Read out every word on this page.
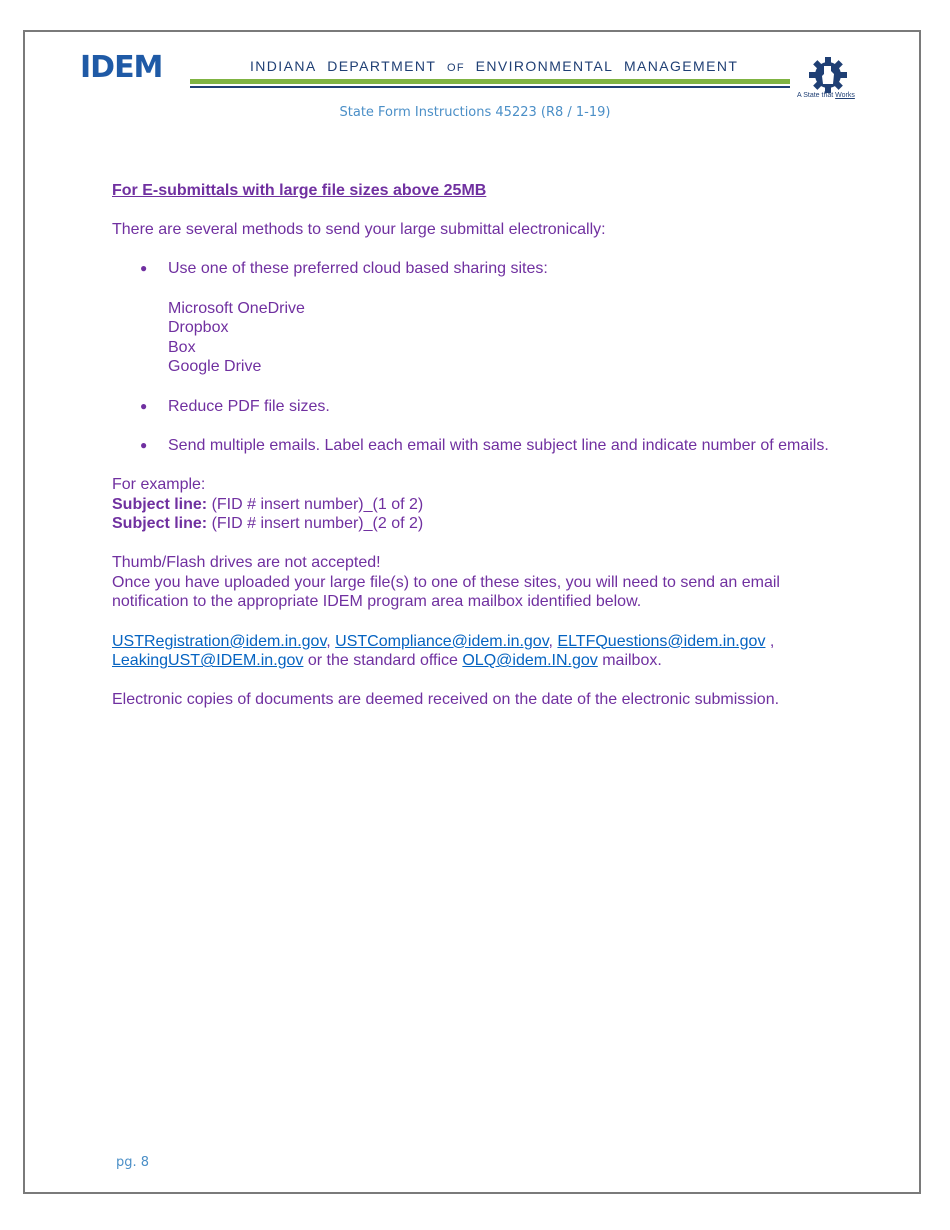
IDEM	INDIANA DEPARTMENT OF ENVIRONMENTAL MANAGEMENT
A State that Works
State Form Instructions 45223 (R8 / 1-19)

For E-submittals with large file sizes above 25MB

There are several methods to send your large submittal electronically:

● Use one of these preferred cloud based sharing sites:

Microsoft OneDrive

Dropbox

Box

Google Drive

● Reduce PDF file sizes.
● Send multiple emails. Label each email with same subject line and indicate number of emails.

For example:

Subject line: (FID # insert number)_(1 of 2)

Subject line: (FID # insert number)_(2 of 2)

Thumb/Flash drives are not accepted!

Once you have uploaded your large file(s) to one of these sites, you will need to send an email notification to the appropriate IDEM program area mailbox identified below.

USTRegistration@idem.in.gov, USTCompliance@idem.in.gov, ELTFQuestions@idem.in.gov ,
LeakingUST@IDEM.in.gov or the standard office OLQ@idem.IN.gov mailbox.

Electronic copies of documents are deemed received on the date of the electronic submission.

pg. 8
